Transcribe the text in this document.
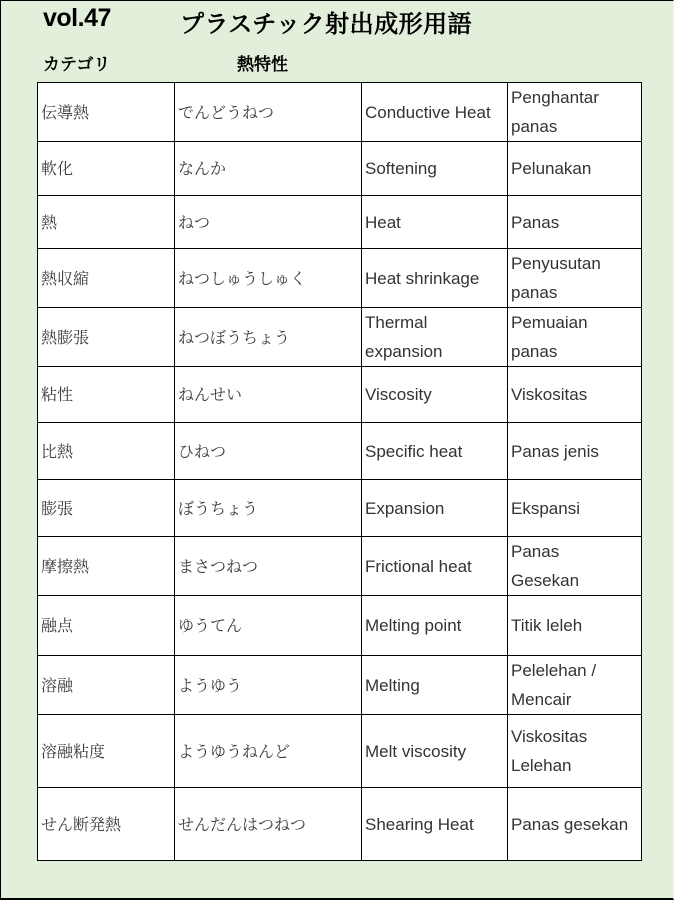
vol.47	プラスチック射出成形用語
カテゴリ	熱特性
伝導熱	でんどうねつ	Conductive Heat	Penghantar
panas

軟化	なんか	Softening	Pelunakan

熱	ねつ	Heat	Panas

熱収縮	ねつしゅうしゅく	Heat shrinkage	Penyusutan
panas

熱膨張	ねつぼうちょう	Thermal
expansion	Pemuaian
panas

粘性	ねんせい	Viscosity	Viskositas

比熱	ひねつ	Specific heat	Panas jenis

膨張	ぼうちょう	Expansion	Ekspansi

摩擦熱	まさつねつ	Frictional heat	Panas
Gesekan

融点	ゆうてん	Melting point	Titik leleh

溶融	ようゆう	Melting	Pelelehan /
Mencair

溶融粘度	ようゆうねんど	Melt viscosity	Viskositas
Lelehan

せん断発熱	せんだんはつねつ	Shearing Heat	Panas gesekan
